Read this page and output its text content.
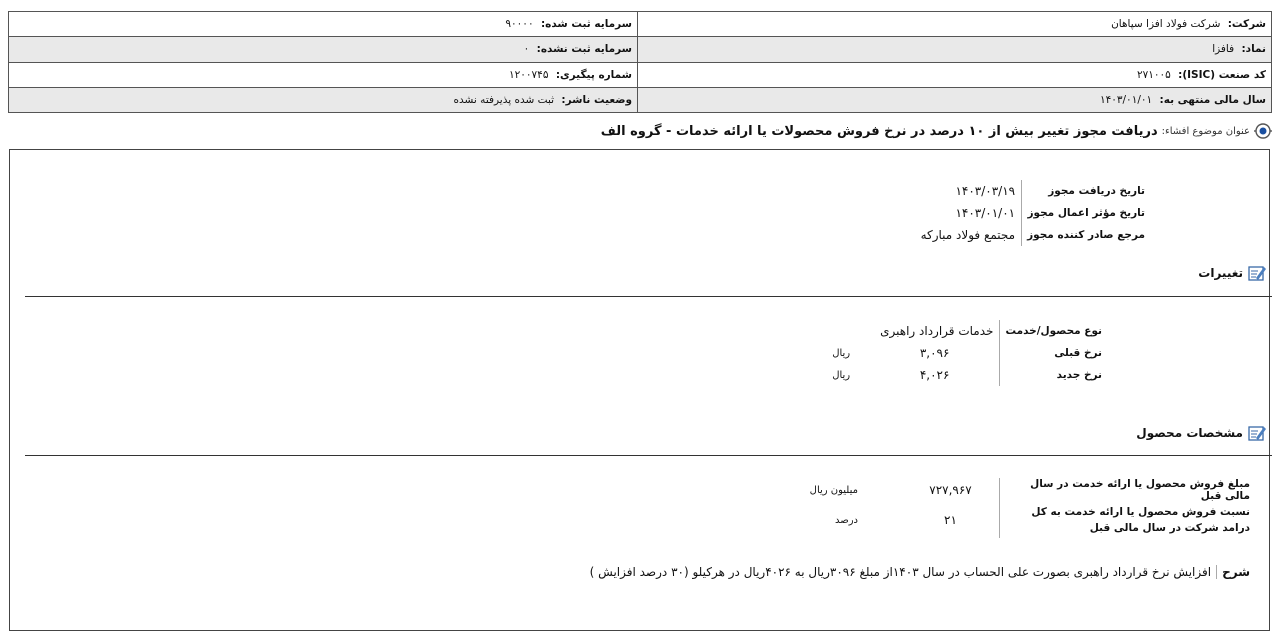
شرکت: شرکت فولاد افزا سپاهان	سرمایه ثبت شده: ۹۰۰۰۰
نماد: فافزا	سرمایه ثبت نشده: ۰
کد صنعت (ISIC): ۲۷۱۰۰۵	شماره پیگیری: ۱۲۰۰۷۴۵
سال مالی منتهی به: ۱۴۰۳/۰۱/۰۱	وضعیت ناشر: ثبت شده پذیرفته نشده
عنوان موضوع افشاء:
دریافت مجوز تغییر بیش از ۱۰ درصد در نرخ فروش محصولات یا ارائه خدمات - گروه الف
تاریخ دریافت مجوز	۱۴۰۳/۰۳/۱۹
تاریخ مؤثر اعمال مجوز	۱۴۰۳/۰۱/۰۱
مرجع صادر کننده مجوز	مجتمع فولاد مبارکه
تغییرات
نوع محصول/خدمت	خدمات قرارداد راهبری	
نرخ قبلی	۳,۰۹۶	ریال
نرخ جدید	۴,۰۲۶	ریال
مشخصات محصول
مبلغ فروش محصول یا ارائه خدمت در سال مالی قبل	۷۲۷,۹۶۷	میلیون ریال
نسبت فروش محصول یا ارائه خدمت به کل درامد شرکت در سال مالی قبل	۲۱	درصد
شرح
افزایش نرخ قرارداد راهبری بصورت علی الحساب در سال ۱۴۰۳از مبلغ ۳۰۹۶ریال به ۴۰۲۶ریال در هرکیلو (۳۰ درصد افزایش )
